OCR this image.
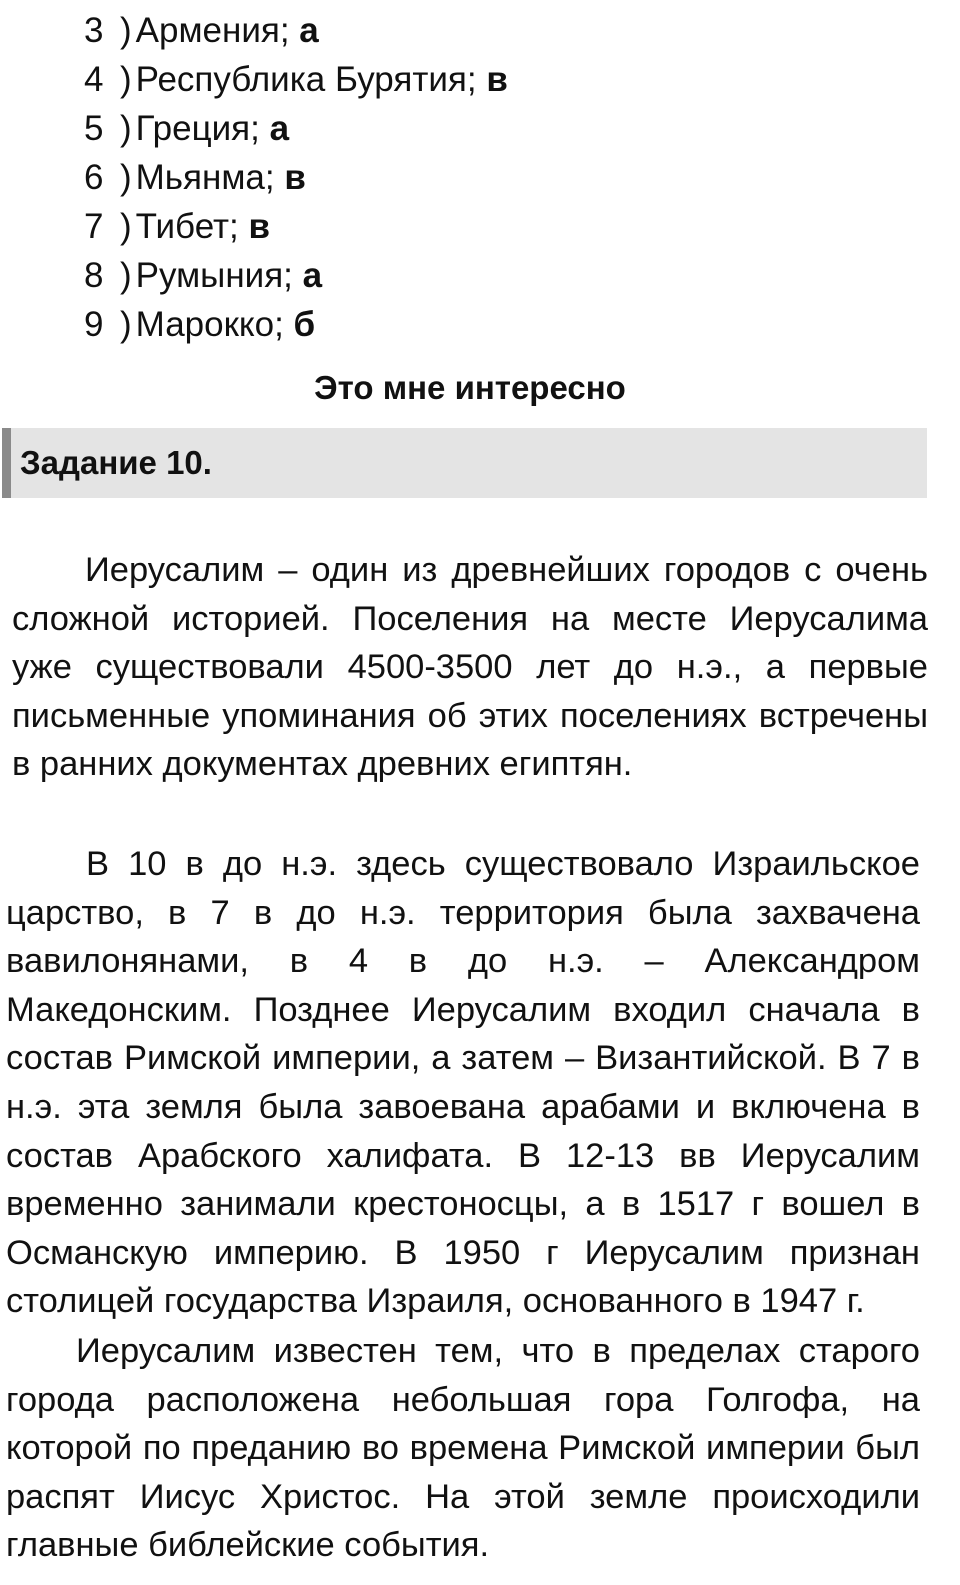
3 ) Армения; а
4 ) Республика Бурятия; в
5 ) Греция; а
6 ) Мьянма; в
7 ) Тибет; в
8 ) Румыния; а
9 ) Марокко; б
Это мне интересно
Задание 10.

Иерусалим – один из древнейших городов с очень сложной историей. Поселения на месте Иерусалима уже существовали 4500-3500 лет до н.э., а первые письменные упоминания об этих поселениях встречены в ранних документах древних египтян.

В 10 в до н.э. здесь существовало Израильское царство, в 7 в до н.э. территория была захвачена вавилонянами, в 4 в до н.э. – Александром Македонским. Позднее Иерусалим входил сначала в состав Римской империи, а затем – Византийской. В 7 в н.э. эта земля была завоевана арабами и включена в состав Арабского халифата. В 12-13 вв Иерусалим временно занимали крестоносцы, а в 1517 г вошел в Османскую империю. В 1950 г Иерусалим признан столицей государства Израиля, основанного в 1947 г.

Иерусалим известен тем, что в пределах старого города расположена небольшая гора Голгофа, на которой по преданию во времена Римской империи был распят Иисус Христос. На этой земле происходили главные библейские события.
